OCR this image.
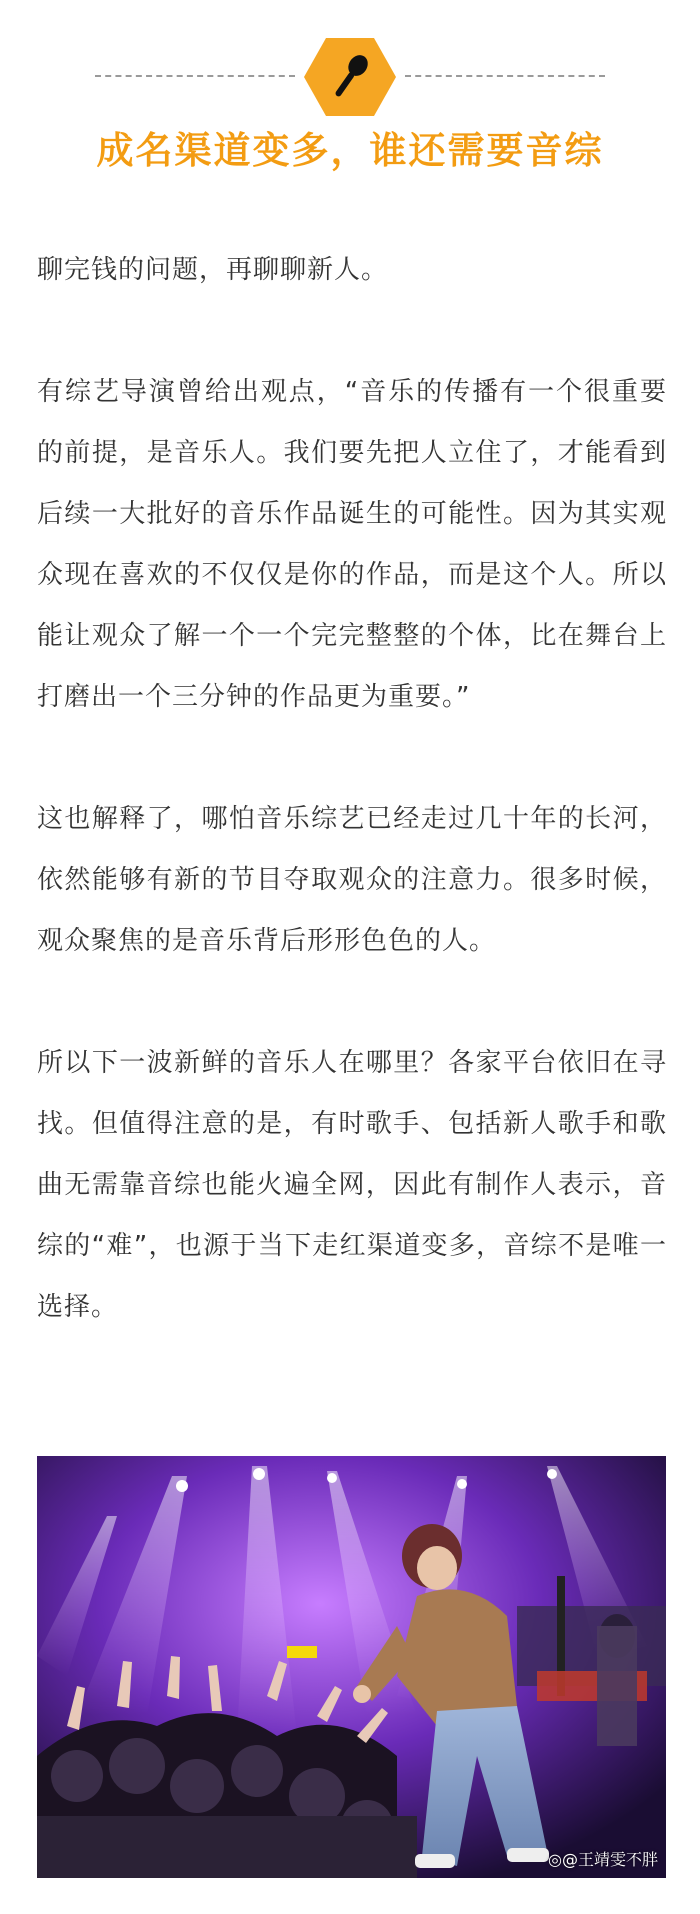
成名渠道变多，谁还需要音综

聊完钱的问题，再聊聊新人。

有综艺导演曾给出观点，“音乐的传播有一个很重要的前提，是音乐人。我们要先把人立住了，才能看到后续一大批好的音乐作品诞生的可能性。因为其实观众现在喜欢的不仅仅是你的作品，而是这个人。所以能让观众了解一个一个完完整整的个体，比在舞台上打磨出一个三分钟的作品更为重要。”

这也解释了，哪怕音乐综艺已经走过几十年的长河，依然能够有新的节目夺取观众的注意力。很多时候，观众聚焦的是音乐背后形形色色的人。

所以下一波新鲜的音乐人在哪里？各家平台依旧在寻找。但值得注意的是，有时歌手、包括新人歌手和歌曲无需靠音综也能火遍全网，因此有制作人表示，音综的“难”，也源于当下走红渠道变多，音综不是唯一选择。

◎@王靖雯不胖
